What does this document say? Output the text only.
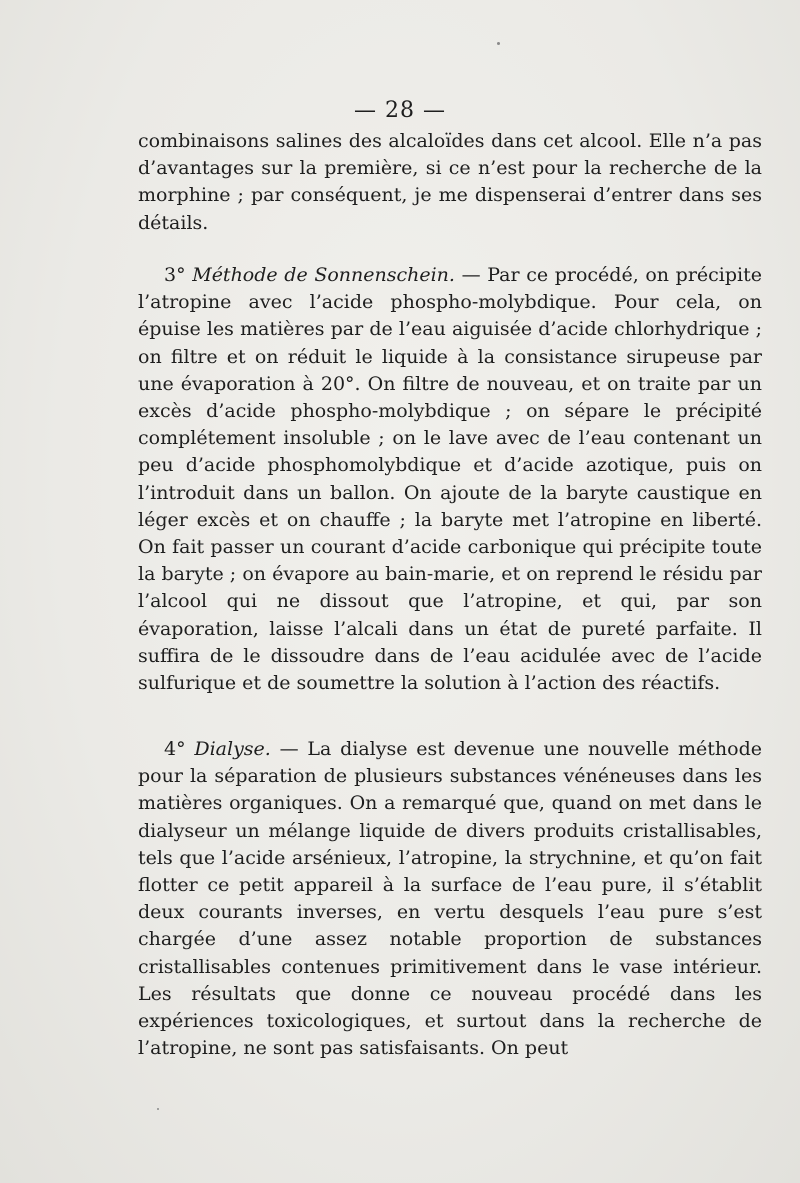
— 28 —

combinaisons salines des alcaloïdes dans cet alcool. Elle n’a pas d’avantages sur la première, si ce n’est pour la recherche de la morphine ; par conséquent, je me dispenserai d’entrer dans ses détails.

3° Méthode de Sonnenschein. — Par ce procédé, on précipite l’atropine avec l’acide phospho-molybdique. Pour cela, on épuise les matières par de l’eau aiguisée d’acide chlorhydrique ; on filtre et on réduit le liquide à la consistance sirupeuse par une évaporation à 20°. On filtre de nouveau, et on traite par un excès d’acide phospho-molybdique ; on sépare le précipité complétement insoluble ; on le lave avec de l’eau contenant un peu d’acide phosphomolybdique et d’acide azotique, puis on l’introduit dans un ballon. On ajoute de la baryte caustique en léger excès et on chauffe ; la baryte met l’atropine en liberté. On fait passer un courant d’acide carbonique qui précipite toute la baryte ; on évapore au bain-marie, et on reprend le résidu par l’alcool qui ne dissout que l’atropine, et qui, par son évaporation, laisse l’alcali dans un état de pureté parfaite. Il suffira de le dissoudre dans de l’eau acidulée avec de l’acide sulfurique et de soumettre la solution à l’action des réactifs.

4° Dialyse. — La dialyse est devenue une nouvelle méthode pour la séparation de plusieurs substances vénéneuses dans les matières organiques. On a remarqué que, quand on met dans le dialyseur un mélange liquide de divers produits cristallisables, tels que l’acide arsénieux, l’atropine, la strychnine, et qu’on fait flotter ce petit appareil à la surface de l’eau pure, il s’établit deux courants inverses, en vertu desquels l’eau pure s’est chargée d’une assez notable proportion de substances cristallisables contenues primitivement dans le vase intérieur. Les résultats que donne ce nouveau procédé dans les expériences toxicologiques, et surtout dans la recherche de l’atropine, ne sont pas satisfaisants. On peut
